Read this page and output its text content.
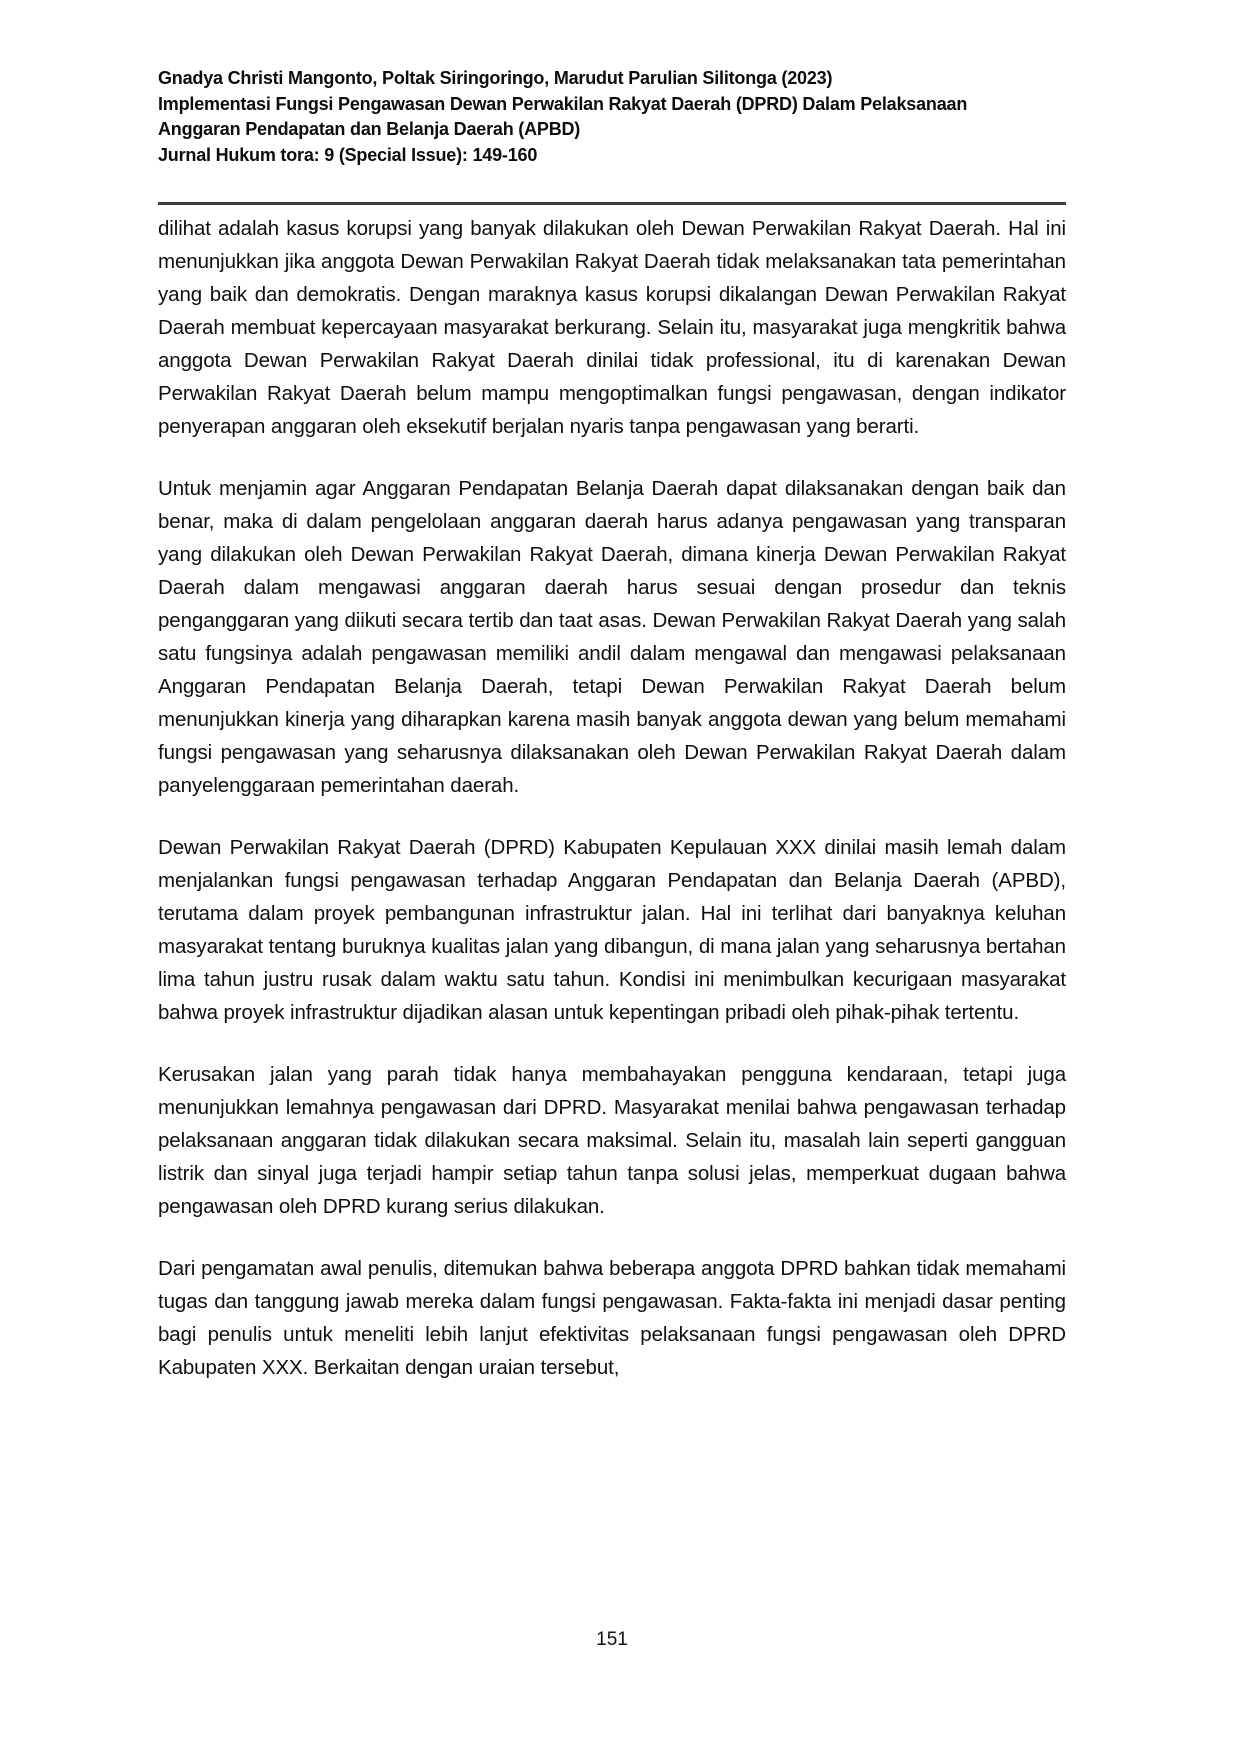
Gnadya Christi Mangonto, Poltak Siringoringo, Marudut Parulian Silitonga (2023)
Implementasi Fungsi Pengawasan Dewan Perwakilan Rakyat Daerah (DPRD) Dalam Pelaksanaan
Anggaran Pendapatan dan Belanja Daerah (APBD)
Jurnal Hukum tora: 9 (Special Issue): 149-160

dilihat adalah kasus korupsi yang banyak dilakukan oleh Dewan Perwakilan Rakyat Daerah. Hal ini menunjukkan jika anggota Dewan Perwakilan Rakyat Daerah tidak melaksanakan tata pemerintahan yang baik dan demokratis. Dengan maraknya kasus korupsi dikalangan Dewan Perwakilan Rakyat Daerah membuat kepercayaan masyarakat berkurang. Selain itu, masyarakat juga mengkritik bahwa anggota Dewan Perwakilan Rakyat Daerah dinilai tidak professional, itu di karenakan Dewan Perwakilan Rakyat Daerah belum mampu mengoptimalkan fungsi pengawasan, dengan indikator penyerapan anggaran oleh eksekutif berjalan nyaris tanpa pengawasan yang berarti.

Untuk menjamin agar Anggaran Pendapatan Belanja Daerah dapat dilaksanakan dengan baik dan benar, maka di dalam pengelolaan anggaran daerah harus adanya pengawasan yang transparan yang dilakukan oleh Dewan Perwakilan Rakyat Daerah, dimana kinerja Dewan Perwakilan Rakyat Daerah dalam mengawasi anggaran daerah harus sesuai dengan prosedur dan teknis penganggaran yang diikuti secara tertib dan taat asas. Dewan Perwakilan Rakyat Daerah yang salah satu fungsinya adalah pengawasan memiliki andil dalam mengawal dan mengawasi pelaksanaan Anggaran Pendapatan Belanja Daerah, tetapi Dewan Perwakilan Rakyat Daerah belum menunjukkan kinerja yang diharapkan karena masih banyak anggota dewan yang belum memahami fungsi pengawasan yang seharusnya dilaksanakan oleh Dewan Perwakilan Rakyat Daerah dalam panyelenggaraan pemerintahan daerah.

Dewan Perwakilan Rakyat Daerah (DPRD) Kabupaten Kepulauan XXX dinilai masih lemah dalam menjalankan fungsi pengawasan terhadap Anggaran Pendapatan dan Belanja Daerah (APBD), terutama dalam proyek pembangunan infrastruktur jalan. Hal ini terlihat dari banyaknya keluhan masyarakat tentang buruknya kualitas jalan yang dibangun, di mana jalan yang seharusnya bertahan lima tahun justru rusak dalam waktu satu tahun. Kondisi ini menimbulkan kecurigaan masyarakat bahwa proyek infrastruktur dijadikan alasan untuk kepentingan pribadi oleh pihak-pihak tertentu.

Kerusakan jalan yang parah tidak hanya membahayakan pengguna kendaraan, tetapi juga menunjukkan lemahnya pengawasan dari DPRD. Masyarakat menilai bahwa pengawasan terhadap pelaksanaan anggaran tidak dilakukan secara maksimal. Selain itu, masalah lain seperti gangguan listrik dan sinyal juga terjadi hampir setiap tahun tanpa solusi jelas, memperkuat dugaan bahwa pengawasan oleh DPRD kurang serius dilakukan.

Dari pengamatan awal penulis, ditemukan bahwa beberapa anggota DPRD bahkan tidak memahami tugas dan tanggung jawab mereka dalam fungsi pengawasan. Fakta-fakta ini menjadi dasar penting bagi penulis untuk meneliti lebih lanjut efektivitas pelaksanaan fungsi pengawasan oleh DPRD Kabupaten XXX. Berkaitan dengan uraian tersebut,

151
